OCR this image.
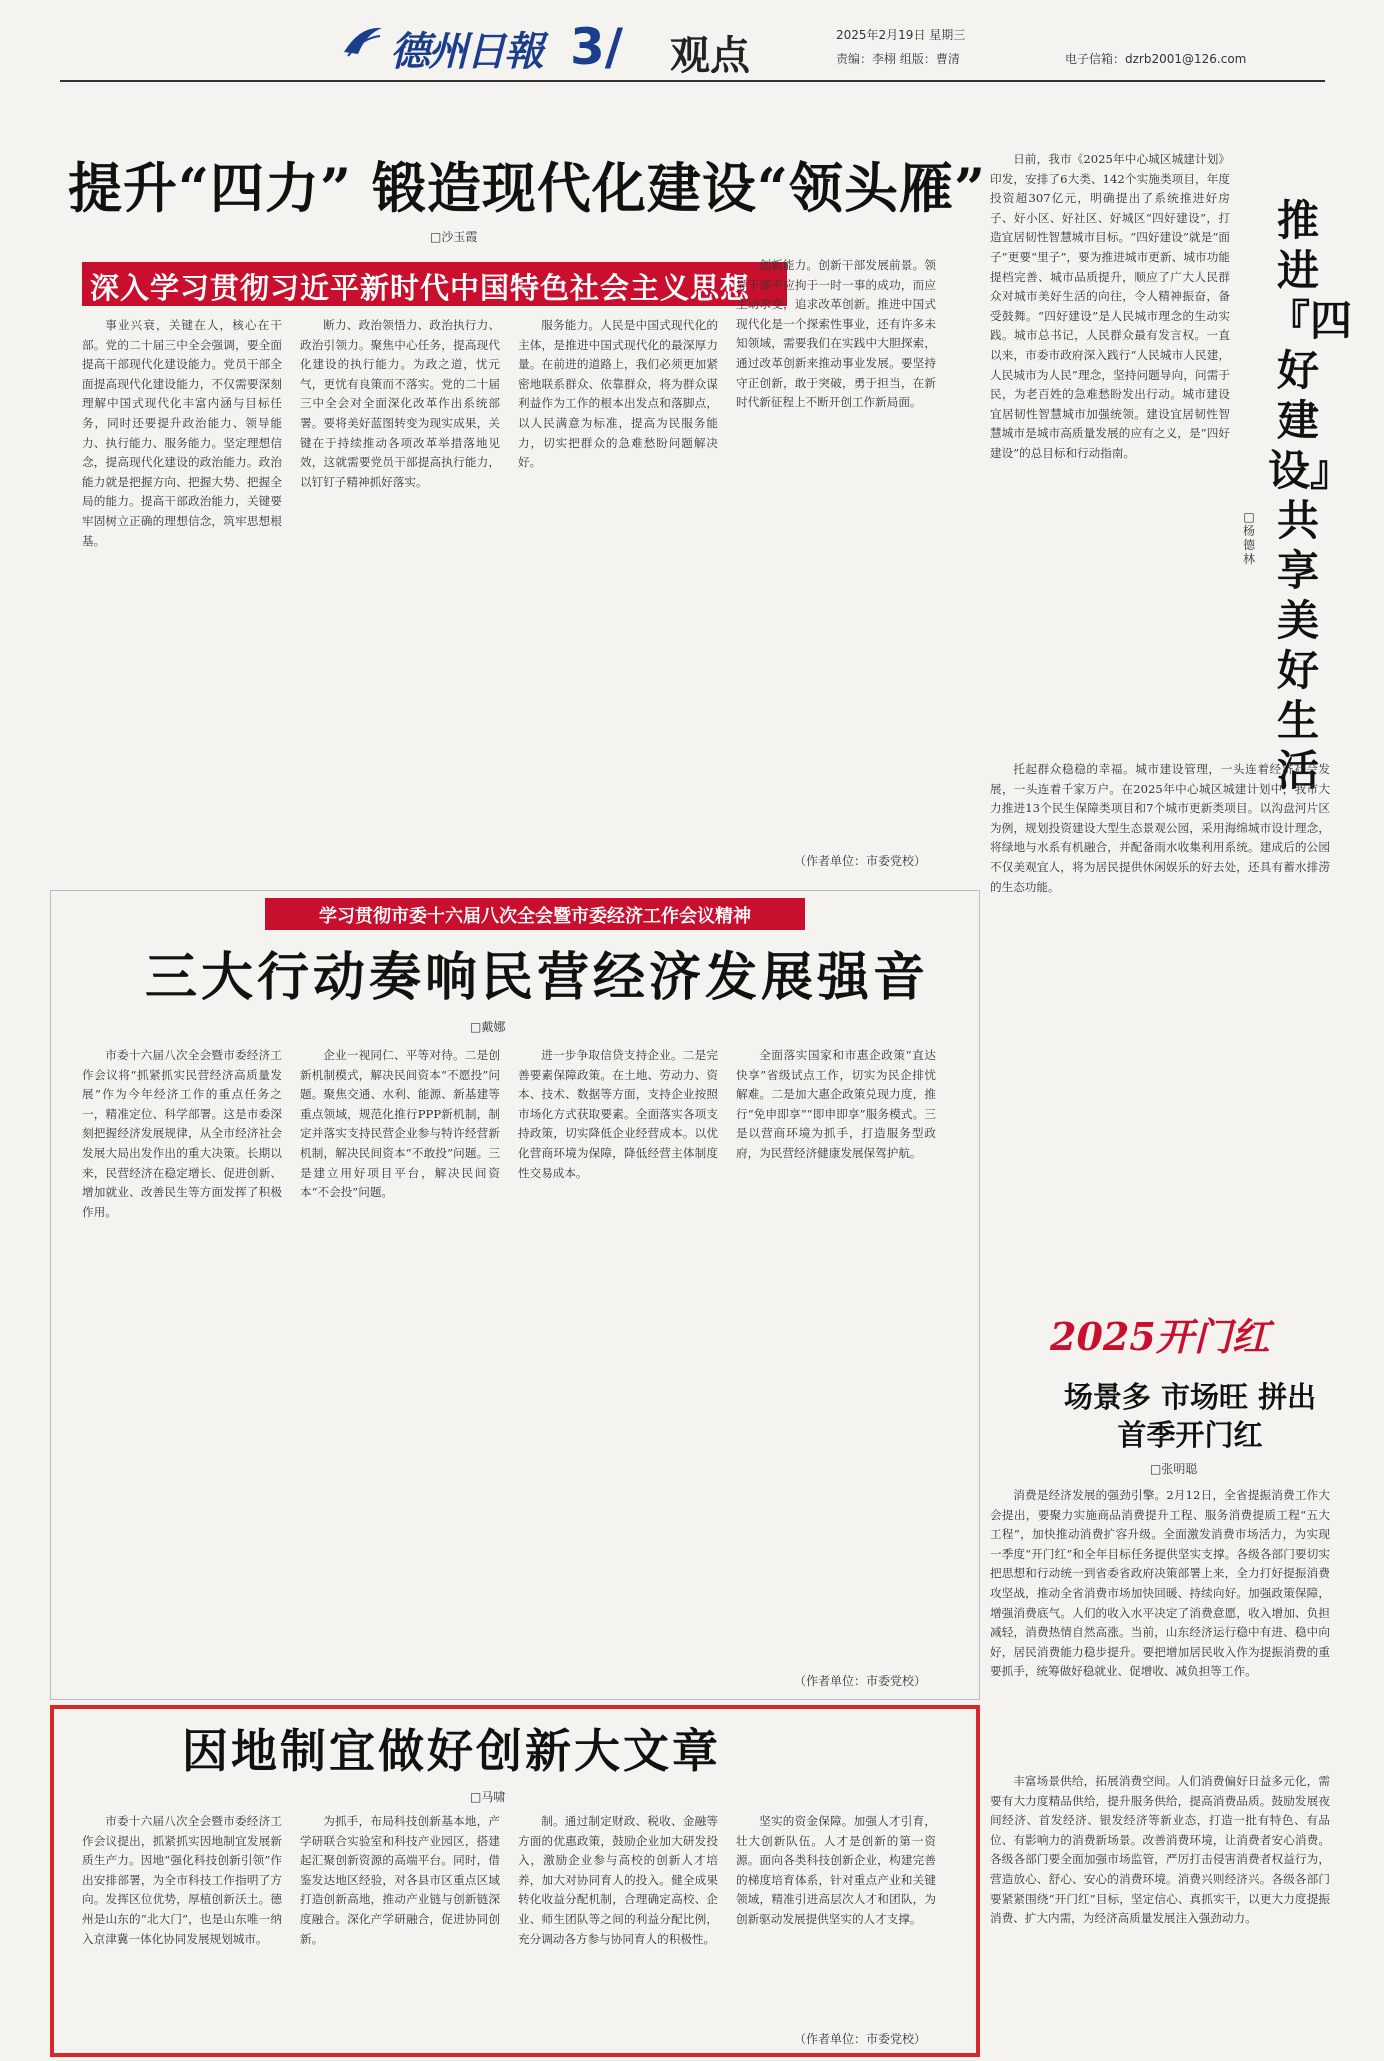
德州日報 3/ 观点	2025年2月19日 星期三
责编：李栩 组版：曹清	电子信箱：dzrb2001@126.com
提升“四力” 锻造现代化建设“领头雁”
□沙玉霞
深入学习贯彻习近平新时代中国特色社会主义思想

事业兴衰，关键在人，核心在干部。党的二十届三中全会强调，要全面提高干部现代化建设能力。党员干部全面提高现代化建设能力，不仅需要深刻理解中国式现代化丰富内涵与目标任务，同时还要提升政治能力、领导能力、执行能力、服务能力。坚定理想信念，提高现代化建设的政治能力。政治能力就是把握方向、把握大势、把握全局的能力。提高干部政治能力，关键要牢固树立正确的理想信念，筑牢思想根基。

断力、政治领悟力、政治执行力、政治引领力。聚焦中心任务，提高现代化建设的执行能力。为政之道，忧元气，更忧有良策而不落实。党的二十届三中全会对全面深化改革作出系统部署。要将美好蓝图转变为现实成果，关键在于持续推动各项改革举措落地见效，这就需要党员干部提高执行能力，以钉钉子精神抓好落实。

服务能力。人民是中国式现代化的主体，是推进中国式现代化的最深厚力量。在前进的道路上，我们必须更加紧密地联系群众、依靠群众，将为群众谋利益作为工作的根本出发点和落脚点，以人民满意为标准，提高为民服务能力，切实把群众的急难愁盼问题解决好。

创新能力。创新干部发展前景。领导干部不应拘于一时一事的成功，而应主动求变，追求改革创新。推进中国式现代化是一个探索性事业，还有许多未知领域，需要我们在实践中大胆探索，通过改革创新来推动事业发展。要坚持守正创新，敢于突破，勇于担当，在新时代新征程上不断开创工作新局面。

（作者单位：市委党校）
学习贯彻市委十六届八次全会暨市委经济工作会议精神
三大行动奏响民营经济发展强音
□戴娜

市委十六届八次全会暨市委经济工作会议将“抓紧抓实民营经济高质量发展”作为今年经济工作的重点任务之一，精准定位、科学部署。这是市委深刻把握经济发展规律，从全市经济社会发展大局出发作出的重大决策。长期以来，民营经济在稳定增长、促进创新、增加就业、改善民生等方面发挥了积极作用。

企业一视同仁、平等对待。二是创新机制模式，解决民间资本“不愿投”问题。聚焦交通、水利、能源、新基建等重点领域，规范化推行PPP新机制，制定并落实支持民营企业参与特许经营新机制，解决民间资本“不敢投”问题。三是建立用好项目平台，解决民间资本“不会投”问题。

进一步争取信贷支持企业。二是完善要素保障政策。在土地、劳动力、资本、技术、数据等方面，支持企业按照市场化方式获取要素。全面落实各项支持政策，切实降低企业经营成本。以优化营商环境为保障，降低经营主体制度性交易成本。

全面落实国家和市惠企政策“直达快享”省级试点工作，切实为民企排忧解难。二是加大惠企政策兑现力度，推行“免申即享”“即申即享”服务模式。三是以营商环境为抓手，打造服务型政府，为民营经济健康发展保驾护航。

（作者单位：市委党校）
因地制宜做好创新大文章
□马啸

市委十六届八次全会暨市委经济工作会议提出，抓紧抓实因地制宜发展新质生产力。因地“强化科技创新引领”作出安排部署，为全市科技工作指明了方向。发挥区位优势，厚植创新沃土。德州是山东的“北大门”，也是山东唯一纳入京津冀一体化协同发展规划城市。

为抓手，布局科技创新基本地，产学研联合实验室和科技产业园区，搭建起汇聚创新资源的高端平台。同时，借鉴发达地区经验，对各县市区重点区域打造创新高地，推动产业链与创新链深度融合。深化产学研融合，促进协同创新。

制。通过制定财政、税收、金融等方面的优惠政策，鼓励企业加大研发投入，激励企业参与高校的创新人才培养，加大对协同育人的投入。健全成果转化收益分配机制，合理确定高校、企业、师生团队等之间的利益分配比例，充分调动各方参与协同育人的积极性。

坚实的资金保障。加强人才引育，壮大创新队伍。人才是创新的第一资源。面向各类科技创新企业，构建完善的梯度培育体系，针对重点产业和关键领域，精准引进高层次人才和团队，为创新驱动发展提供坚实的人才支撑。

（作者单位：市委党校）
推进『四好建设』共享美好生活
□杨德林

日前，我市《2025年中心城区城建计划》印发，安排了6大类、142个实施类项目，年度投资超307亿元，明确提出了系统推进好房子、好小区、好社区、好城区“四好建设”，打造宜居韧性智慧城市目标。“四好建设”就是“面子”更要“里子”，要为推进城市更新、城市功能提档完善、城市品质提升，顺应了广大人民群众对城市美好生活的向往，令人精神振奋，备受鼓舞。“四好建设”是人民城市理念的生动实践。城市总书记，人民群众最有发言权。一直以来，市委市政府深入践行“人民城市人民建，人民城市为人民”理念，坚持问题导向，问需于民，为老百姓的急难愁盼发出行动。城市建设宜居韧性智慧城市加强统领。建设宜居韧性智慧城市是城市高质量发展的应有之义，是“四好建设”的总目标和行动指南。

托起群众稳稳的幸福。城市建设管理，一头连着经济社会发展，一头连着千家万户。在2025年中心城区城建计划中，我市大力推进13个民生保障类项目和7个城市更新类项目。以沟盘河片区为例，规划投资建设大型生态景观公园，采用海绵城市设计理念，将绿地与水系有机融合，并配备雨水收集利用系统。建成后的公园不仅美观宜人，将为居民提供休闲娱乐的好去处，还具有蓄水排涝的生态功能。

2025开门红
场景多 市场旺 拼出首季开门红
□张明聪

消费是经济发展的强劲引擎。2月12日，全省提振消费工作大会提出，要聚力实施商品消费提升工程、服务消费提质工程“五大工程”，加快推动消费扩容升级。全面激发消费市场活力，为实现一季度“开门红”和全年目标任务提供坚实支撑。各级各部门要切实把思想和行动统一到省委省政府决策部署上来，全力打好提振消费攻坚战，推动全省消费市场加快回暖、持续向好。加强政策保障，增强消费底气。人们的收入水平决定了消费意愿，收入增加、负担减轻，消费热情自然高涨。当前，山东经济运行稳中有进、稳中向好，居民消费能力稳步提升。要把增加居民收入作为提振消费的重要抓手，统筹做好稳就业、促增收、减负担等工作。

丰富场景供给，拓展消费空间。人们消费偏好日益多元化，需要有大力度精品供给，提升服务供给，提高消费品质。鼓励发展夜间经济、首发经济、银发经济等新业态，打造一批有特色、有品位、有影响力的消费新场景。改善消费环境，让消费者安心消费。各级各部门要全面加强市场监管，严厉打击侵害消费者权益行为，营造放心、舒心、安心的消费环境。消费兴则经济兴。各级各部门要紧紧围绕“开门红”目标，坚定信心、真抓实干，以更大力度提振消费、扩大内需，为经济高质量发展注入强劲动力。
